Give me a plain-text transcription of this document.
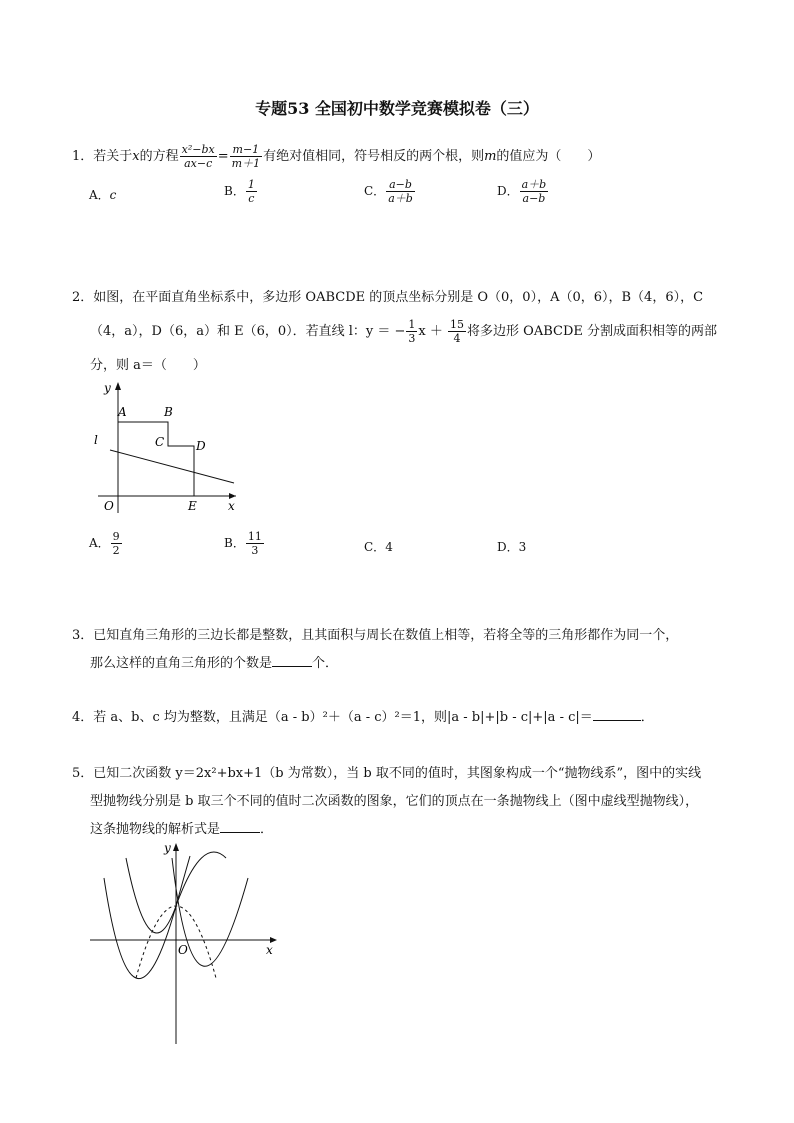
专题53 全国初中数学竞赛模拟卷（三）
1．若关于x的方程 $\frac{\text{x²−bx}}{ax-c} = \frac{m-1}{m+1}$ 有绝对值相同，符号相反的两个根，则m的值应为（　　）
A．c	B． $\frac{1}{c}$	C． $\frac{a-b}{a+b}$	D． $\frac{a+b}{a-b}$
2．如图，在平面直角坐标系中，多边形 OABCDE 的顶点坐标分别是 O（0，0），A（0，6），B（4，6），C
（4，a），D（6，a）和 E（6，0）．若直线 l：y ＝ − $\frac{1}{3}$ $x + \frac{15}{4}$ 将多边形 OABCDE 分割成面积相等的两部
分，则 a＝（　　）
y
x
O
A	B
C	D
E
l
A． $\frac{9}{2}$	B． $\frac{11}{3}$	C．4	D．3
3．已知直角三角形的三边长都是整数，且其面积与周长在数值上相等，若将全等的三角形都作为同一个，
那么这样的直角三角形的个数是	个．
4．若 a、b、c 均为整数，且满足（a - b）²＋（a - c）²＝1，则|a - b|+|b - c|+|a - c|＝	．
5．已知二次函数 y＝2x²+bx+1（b 为常数），当 b 取不同的值时，其图象构成一个“抛物线系”，图中的实线
型抛物线分别是 b 取三个不同的值时二次函数的图象，它们的顶点在一条抛物线上（图中虚线型抛物线），
这条抛物线的解析式是	．
y
x
O
